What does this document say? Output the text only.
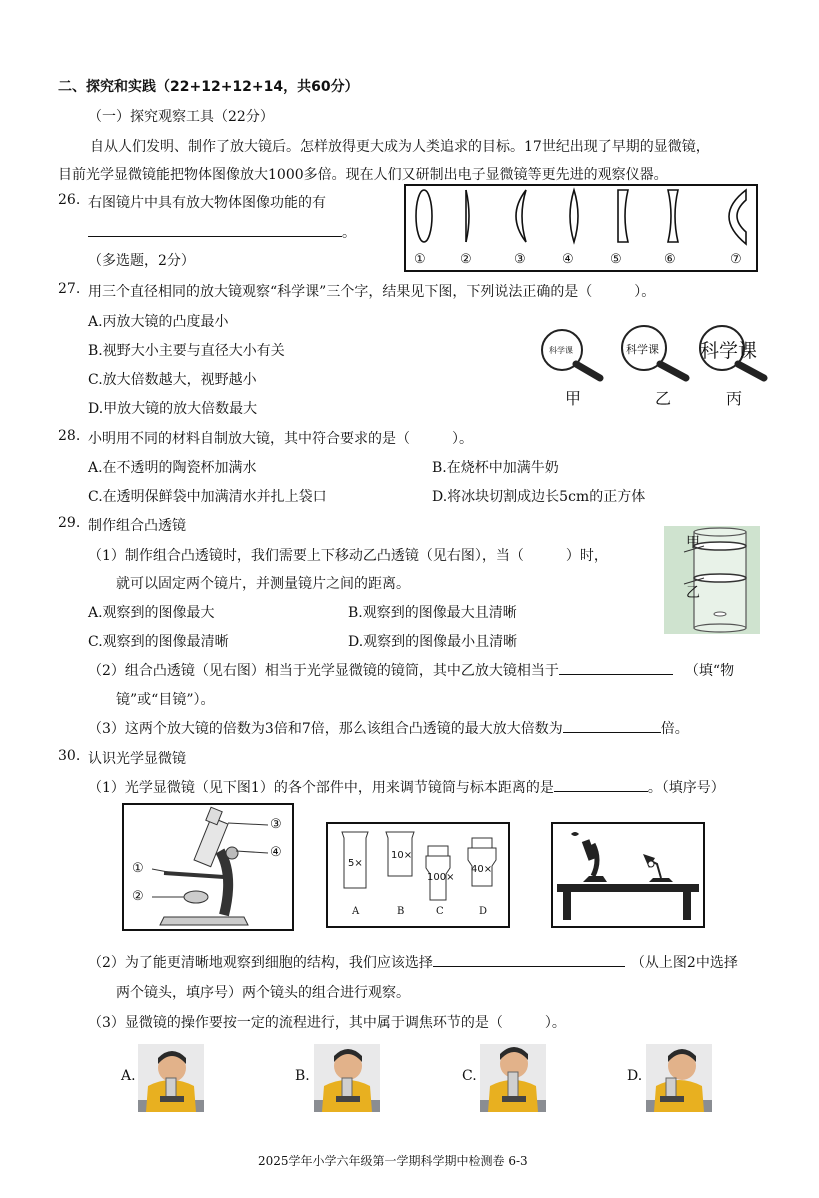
二、探究和实践（22+12+12+14，共60分）
（一）探究观察工具（22分）
自从人们发明、制作了放大镜后。怎样放得更大成为人类追求的目标。17世纪出现了早期的显微镜，
目前光学显微镜能把物体图像放大1000多倍。现在人们又研制出电子显微镜等更先进的观察仪器。
26. 右图镜片中具有放大物体图像功能的有
。
（多选题，2分）	①	②	③	④	⑤	⑥	⑦
27. 用三个直径相同的放大镜观察“科学课”三个字，结果见下图，下列说法正确的是（　　　）。
A.丙放大镜的凸度最小
B.视野大小主要与直径大小有关
C.放大倍数越大，视野越小
D.甲放大镜的放大倍数最大
科学课	科学课 科学课
甲	乙	丙
28. 小明用不同的材料自制放大镜，其中符合要求的是（　　　）。
A.在不透明的陶瓷杯加满水	B.在烧杯中加满牛奶
C.在透明保鲜袋中加满清水并扎上袋口	D.将冰块切割成边长5cm的正方体
29. 制作组合凸透镜
（1）制作组合凸透镜时，我们需要上下移动乙凸透镜（见右图），当（　　　）时，
就可以固定两个镜片，并测量镜片之间的距离。
A.观察到的图像最大	B.观察到的图像最大且清晰
C.观察到的图像最清晰	D.观察到的图像最小且清晰
（2）组合凸透镜（见右图）相当于光学显微镜的镜筒，其中乙放大镜相当于	（填“物
镜”或“目镜”）。
（3）这两个放大镜的倍数为3倍和7倍，那么该组合凸透镜的最大放大倍数为	倍。
甲
乙
30. 认识光学显微镜
（1）光学显微镜（见下图1）的各个部件中，用来调节镜筒与标本距离的是	。（填序号）
①
②
③
④
5×
10×
100×
40×
A	B	C	D
（2）为了能更清晰地观察到细胞的结构，我们应该选择	（从上图2中选择
两个镜头，填序号）两个镜头的组合进行观察。
（3）显微镜的操作要按一定的流程进行，其中属于调焦环节的是（　　　）。
A.	B.	C.	D.
2025学年小学六年级第一学期科学期中检测卷 6-3
